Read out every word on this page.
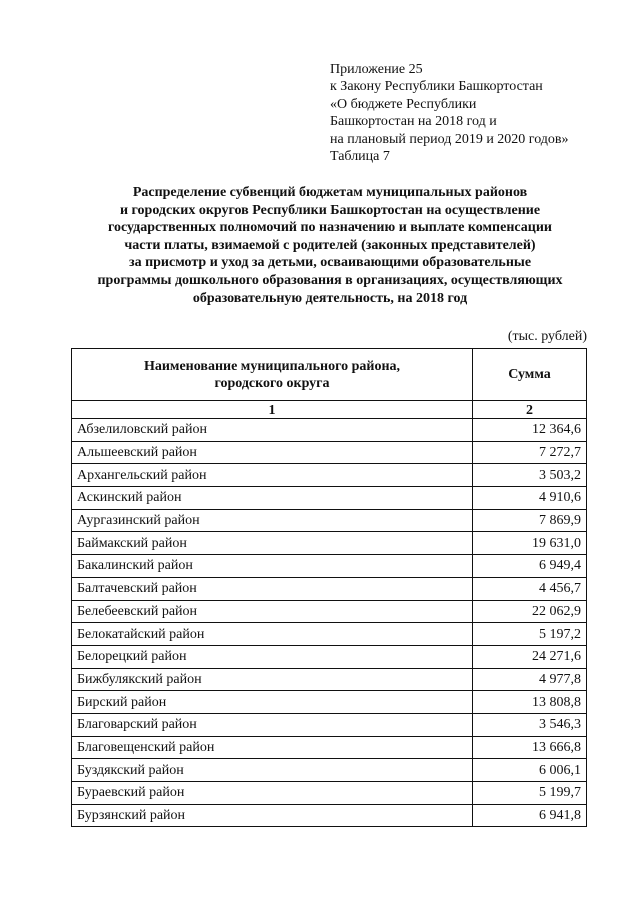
Приложение 25
к Закону Республики Башкортостан
«О бюджете Республики
Башкортостан на 2018 год и
на плановый период 2019 и 2020 годов»
Таблица 7
Распределение субвенций бюджетам муниципальных районов
и городских округов Республики Башкортостан на осуществление
государственных полномочий по назначению и выплате компенсации
части платы, взимаемой с родителей (законных представителей)
за присмотр и уход за детьми, осваивающими образовательные
программы дошкольного образования в организациях, осуществляющих
образовательную деятельность, на 2018 год
(тыс. рублей)
Наименование муниципального района,
городского округа	Сумма
1	2
Абзелиловский район	12 364,6
Альшеевский район	7 272,7
Архангельский район	3 503,2
Аскинский район	4 910,6
Аургазинский район	7 869,9
Баймакский район	19 631,0
Бакалинский район	6 949,4
Балтачевский район	4 456,7
Белебеевский район	22 062,9
Белокатайский район	5 197,2
Белорецкий район	24 271,6
Бижбулякский район	4 977,8
Бирский район	13 808,8
Благоварский район	3 546,3
Благовещенский район	13 666,8
Буздякский район	6 006,1
Бураевский район	5 199,7
Бурзянский район	6 941,8
